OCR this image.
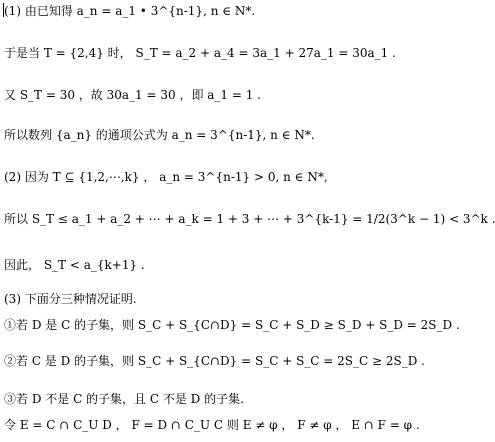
(1) 由已知得 a_n = a_1 • 3^{n-1}, n ∈ N*.
于是当 T = {2,4} 时， S_T = a_2 + a_4 = 3a_1 + 27a_1 = 30a_1 .
又 S_T = 30 ，故 30a_1 = 30 ，即 a_1 = 1 .
所以数列 {a_n} 的通项公式为 a_n = 3^{n-1}, n ∈ N*.
(2) 因为 T ⊆ {1,2,⋯,k} ， a_n = 3^{n-1} > 0, n ∈ N*,
所以 S_T ≤ a_1 + a_2 + ⋯ + a_k = 1 + 3 + ⋯ + 3^{k-1} = 1/2(3^k − 1) < 3^k .
因此， S_T < a_{k+1} .
(3) 下面分三种情况证明.
①若 D 是 C 的子集，则 S_C + S_{C∩D} = S_C + S_D ≥ S_D + S_D = 2S_D .
②若 C 是 D 的子集，则 S_C + S_{C∩D} = S_C + S_C = 2S_C ≥ 2S_D .
③若 D 不是 C 的子集，且 C 不是 D 的子集.
令 E = C ∩ C_U D ， F = D ∩ C_U C 则 E ≠ φ ， F ≠ φ ， E ∩ F = φ .
